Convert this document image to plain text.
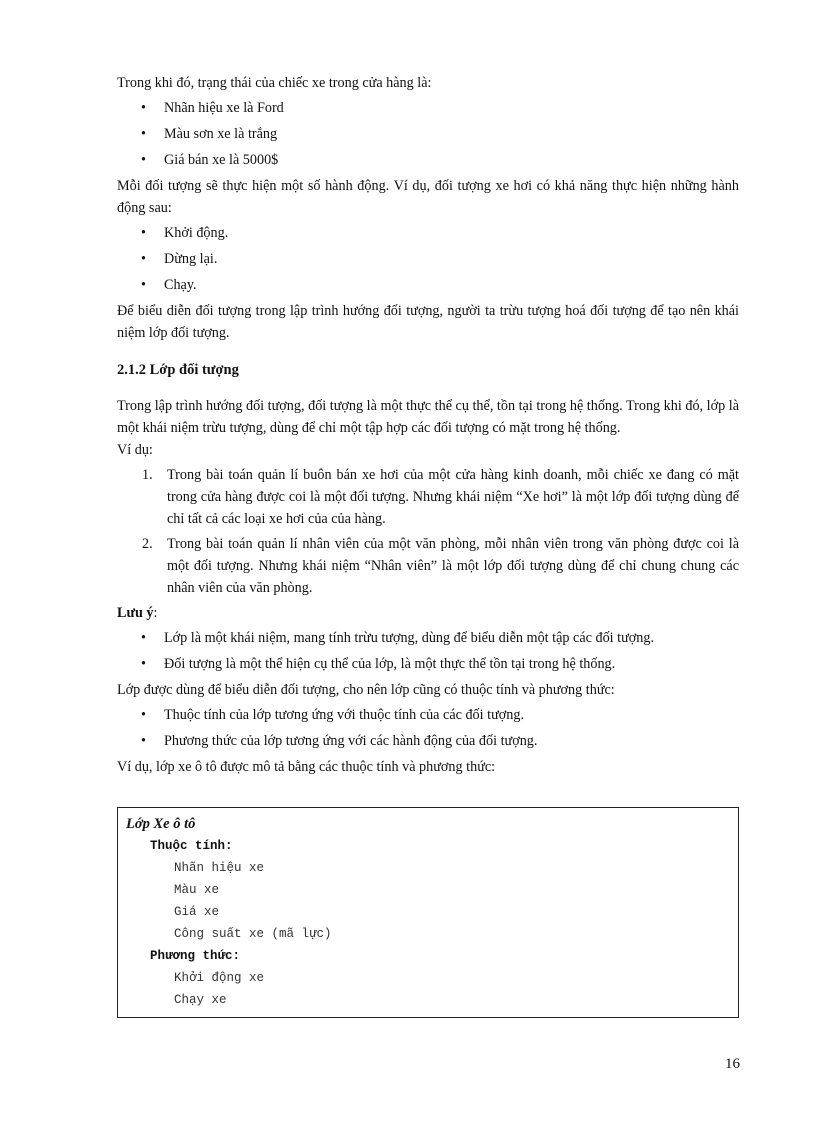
Trong khi đó, trạng thái của chiếc xe trong cửa hàng là:

• Nhãn hiệu xe là Ford
• Màu sơn xe là trắng
• Giá bán xe là 5000$

Mỗi đối tượng sẽ thực hiện một số hành động. Ví dụ, đối tượng xe hơi có khả năng thực hiện những hành động sau:

• Khởi động.
• Dừng lại.
• Chạy.

Để biểu diễn đối tượng trong lập trình hướng đối tượng, người ta trừu tượng hoá đối tượng để tạo nên khái niệm lớp đối tượng.

2.1.2 Lớp đối tượng

Trong lập trình hướng đối tượng, đối tượng là một thực thể cụ thể, tồn tại trong hệ thống. Trong khi đó, lớp là một khái niệm trừu tượng, dùng để chỉ một tập hợp các đối tượng có mặt trong hệ thống.

Ví dụ:

1. Trong bài toán quản lí buôn bán xe hơi của một cửa hàng kinh doanh, mỗi chiếc xe đang có mặt trong cửa hàng được coi là một đối tượng. Nhưng khái niệm “Xe hơi” là một lớp đối tượng dùng để chỉ tất cả các loại xe hơi của của hàng.
2. Trong bài toán quản lí nhân viên của một văn phòng, mỗi nhân viên trong văn phòng được coi là một đối tượng. Nhưng khái niệm “Nhân viên” là một lớp đối tượng dùng để chỉ chung chung các nhân viên của văn phòng.

Lưu ý:

• Lớp là một khái niệm, mang tính trừu tượng, dùng để biểu diễn một tập các đối tượng.
• Đối tượng là một thể hiện cụ thể của lớp, là một thực thể tồn tại trong hệ thống.

Lớp được dùng để biểu diễn đối tượng, cho nên lớp cũng có thuộc tính và phương thức:

• Thuộc tính của lớp tương ứng với thuộc tính của các đối tượng.
• Phương thức của lớp tương ứng với các hành động của đối tượng.

Ví dụ, lớp xe ô tô được mô tả bằng các thuộc tính và phương thức:

Lớp Xe ô tô
Thuộc tính:
Nhãn hiệu xe
Màu xe
Giá xe
Công suất xe (mã lực)
Phương thức:
Khởi động xe
Chạy xe
16
